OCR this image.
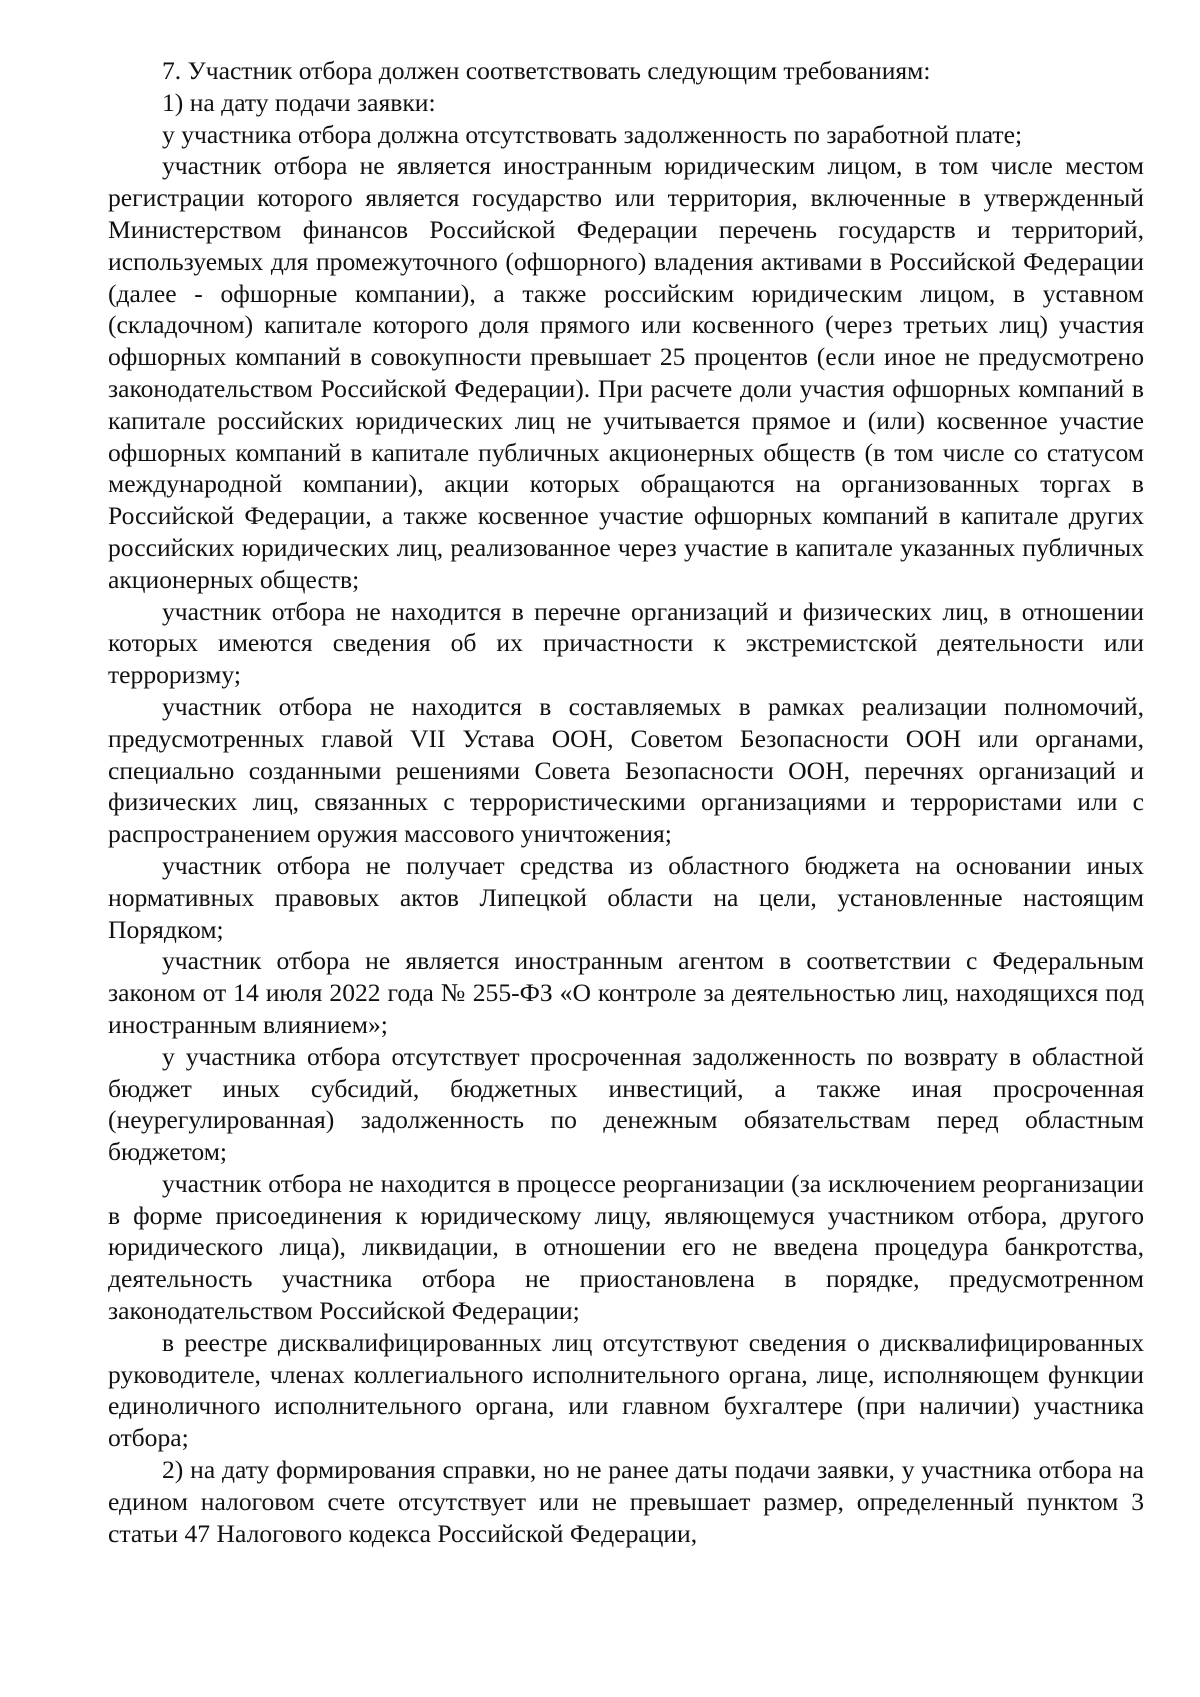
7. Участник отбора должен соответствовать следующим требованиям:

1) на дату подачи заявки:

у участника отбора должна отсутствовать задолженность по заработной плате;

участник отбора не является иностранным юридическим лицом, в том числе местом регистрации которого является государство или территория, включенные в утвержденный Министерством финансов Российской Федерации перечень государств и территорий, используемых для промежуточного (офшорного) владения активами в Российской Федерации (далее - офшорные компании), а также российским юридическим лицом, в уставном (складочном) капитале которого доля прямого или косвенного (через третьих лиц) участия офшорных компаний в совокупности превышает 25 процентов (если иное не предусмотрено законодательством Российской Федерации). При расчете доли участия офшорных компаний в капитале российских юридических лиц не учитывается прямое и (или) косвенное участие офшорных компаний в капитале публичных акционерных обществ (в том числе со статусом международной компании), акции которых обращаются на организованных торгах в Российской Федерации, а также косвенное участие офшорных компаний в капитале других российских юридических лиц, реализованное через участие в капитале указанных публичных акционерных обществ;

участник отбора не находится в перечне организаций и физических лиц, в отношении которых имеются сведения об их причастности к экстремистской деятельности или терроризму;

участник отбора не находится в составляемых в рамках реализации полномочий, предусмотренных главой VII Устава ООН, Советом Безопасности ООН или органами, специально созданными решениями Совета Безопасности ООН, перечнях организаций и физических лиц, связанных с террористическими организациями и террористами или с распространением оружия массового уничтожения;

участник отбора не получает средства из областного бюджета на основании иных нормативных правовых актов Липецкой области на цели, установленные настоящим Порядком;

участник отбора не является иностранным агентом в соответствии с Федеральным законом от 14 июля 2022 года № 255-ФЗ «О контроле за деятельностью лиц, находящихся под иностранным влиянием»;

у участника отбора отсутствует просроченная задолженность по возврату в областной бюджет иных субсидий, бюджетных инвестиций, а также иная просроченная (неурегулированная) задолженность по денежным обязательствам перед областным бюджетом;

участник отбора не находится в процессе реорганизации (за исключением реорганизации в форме присоединения к юридическому лицу, являющемуся участником отбора, другого юридического лица), ликвидации, в отношении его не введена процедура банкротства, деятельность участника отбора не приостановлена в порядке, предусмотренном законодательством Российской Федерации;

в реестре дисквалифицированных лиц отсутствуют сведения о дисквалифицированных руководителе, членах коллегиального исполнительного органа, лице, исполняющем функции единоличного исполнительного органа, или главном бухгалтере (при наличии) участника отбора;

2) на дату формирования справки, но не ранее даты подачи заявки, у участника отбора на едином налоговом счете отсутствует или не превышает размер, определенный пунктом 3 статьи 47 Налогового кодекса Российской Федерации,
